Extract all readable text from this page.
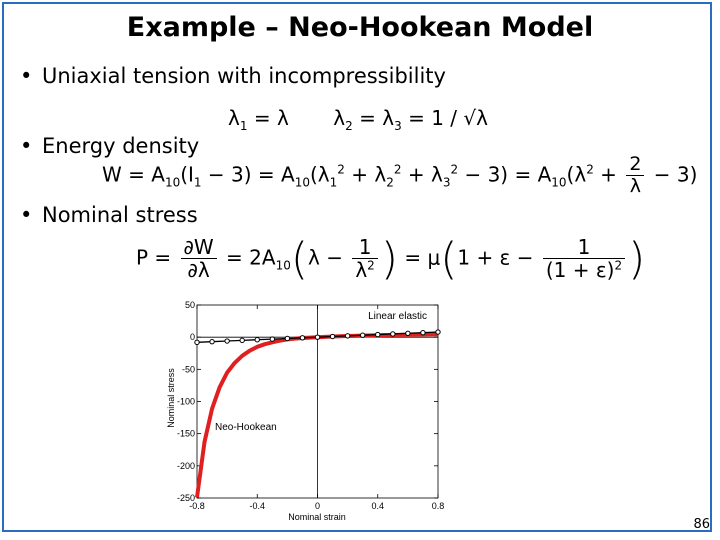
Example – Neo-Hookean Model
• Uniaxial tension with incompressibility
$\lambda_1 = \lambda$       $\lambda_2 = \lambda_3 = 1 / √\lambda$
• Energy density
$W = A_{10}(I_1 - 3) = A_{10}(\lambda_1^2 + \lambda_2^2 + \lambda_3^2 - 3) = A_{10}(\lambda^2 + \frac{2}{\lambda} - 3)$
• Nominal stress
$P = \frac{\partial W}{\partial\lambda} = 2A_{10}(\lambda - \frac{1}{\lambda^2}$ ) = $\mu(1 + \varepsilon - \frac{1}{(1 + \varepsilon)^2}$ )
-0.8	-0.4	0	0.4	0.8
50
0
-50
-100
-150
-200
-250
Nominal strain
Nominal stress
Linear elastic
Neo-Hookean
86
